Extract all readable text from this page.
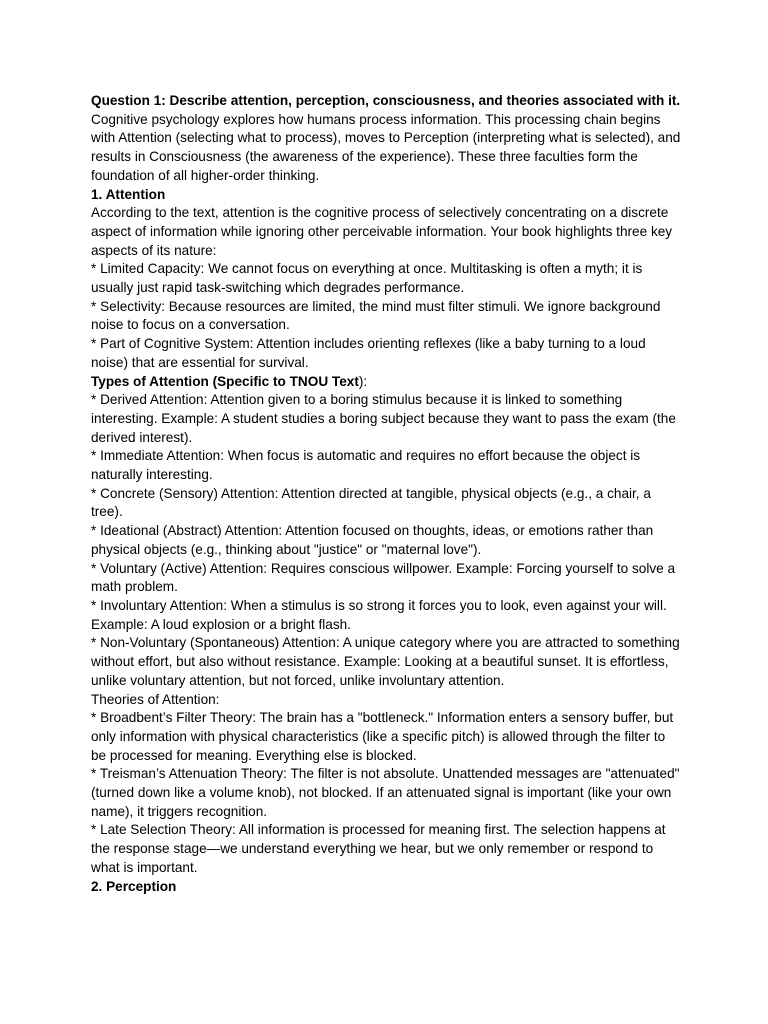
Question 1: Describe attention, perception, consciousness, and theories associated with it.

Cognitive psychology explores how humans process information. This processing chain begins with Attention (selecting what to process), moves to Perception (interpreting what is selected), and results in Consciousness (the awareness of the experience). These three faculties form the foundation of all higher-order thinking.

1. Attention

According to the text, attention is the cognitive process of selectively concentrating on a discrete aspect of information while ignoring other perceivable information. Your book highlights three key aspects of its nature:

* Limited Capacity: We cannot focus on everything at once. Multitasking is often a myth; it is usually just rapid task-switching which degrades performance.

* Selectivity: Because resources are limited, the mind must filter stimuli. We ignore background noise to focus on a conversation.

* Part of Cognitive System: Attention includes orienting reflexes (like a baby turning to a loud noise) that are essential for survival.

Types of Attention (Specific to TNOU Text):

* Derived Attention: Attention given to a boring stimulus because it is linked to something interesting. Example: A student studies a boring subject because they want to pass the exam (the derived interest).

* Immediate Attention: When focus is automatic and requires no effort because the object is naturally interesting.

* Concrete (Sensory) Attention: Attention directed at tangible, physical objects (e.g., a chair, a tree).

* Ideational (Abstract) Attention: Attention focused on thoughts, ideas, or emotions rather than physical objects (e.g., thinking about "justice" or "maternal love").

* Voluntary (Active) Attention: Requires conscious willpower. Example: Forcing yourself to solve a math problem.

* Involuntary Attention: When a stimulus is so strong it forces you to look, even against your will. Example: A loud explosion or a bright flash.

* Non-Voluntary (Spontaneous) Attention: A unique category where you are attracted to something without effort, but also without resistance. Example: Looking at a beautiful sunset. It is effortless, unlike voluntary attention, but not forced, unlike involuntary attention.

Theories of Attention:

* Broadbent’s Filter Theory: The brain has a "bottleneck." Information enters a sensory buffer, but only information with physical characteristics (like a specific pitch) is allowed through the filter to be processed for meaning. Everything else is blocked.

* Treisman’s Attenuation Theory: The filter is not absolute. Unattended messages are "attenuated" (turned down like a volume knob), not blocked. If an attenuated signal is important (like your own name), it triggers recognition.

* Late Selection Theory: All information is processed for meaning first. The selection happens at the response stage—we understand everything we hear, but we only remember or respond to what is important.

2. Perception
